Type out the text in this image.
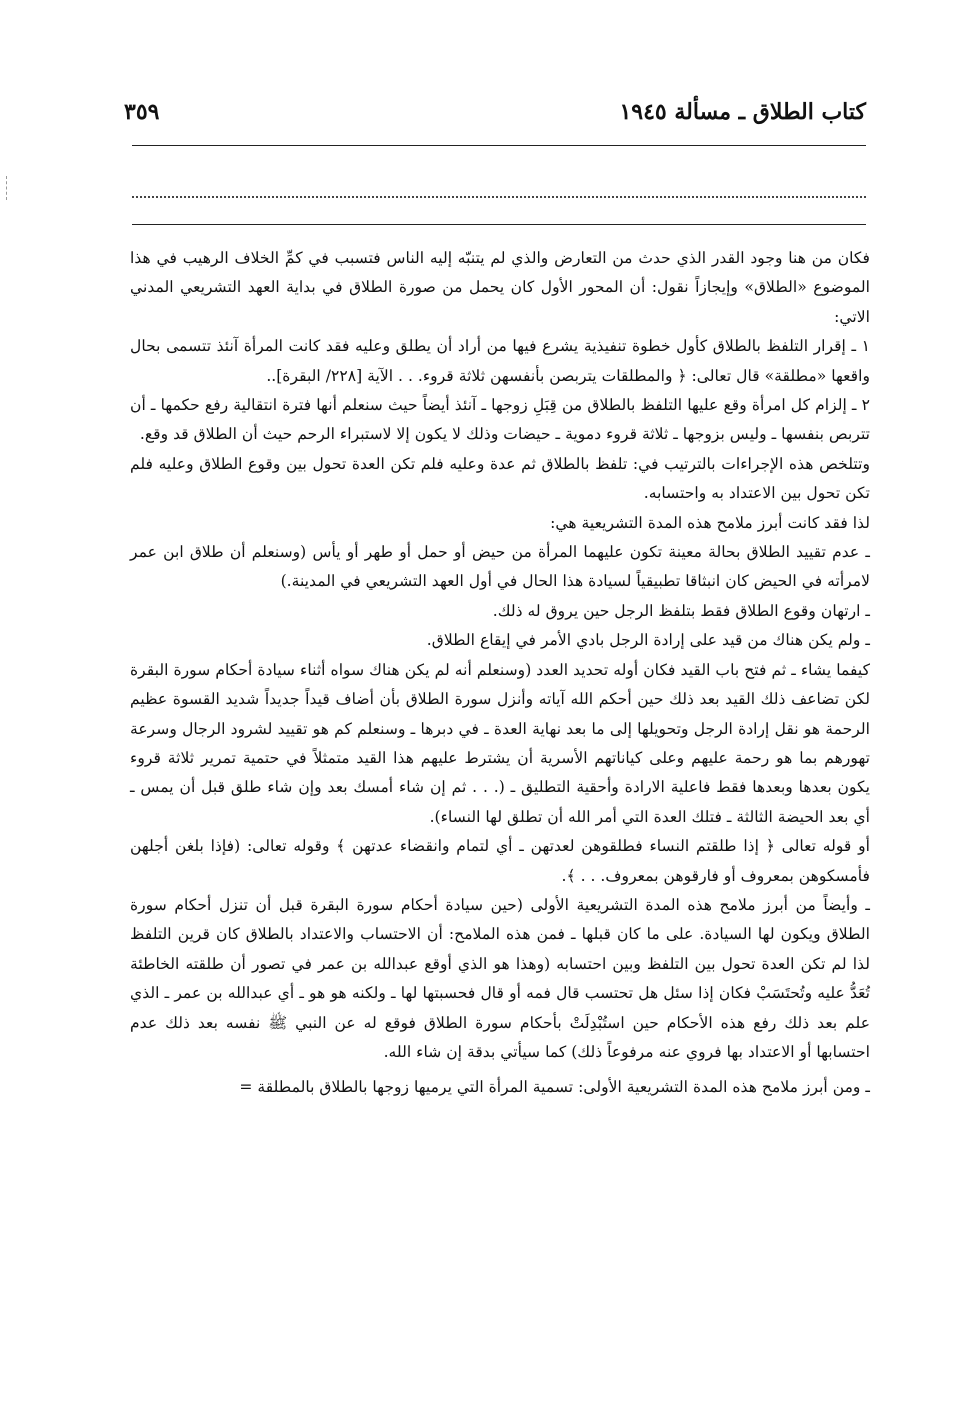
كتاب الطلاق ـ مسألة ١٩٤٥
٣٥٩

فكان من هنا وجود القدر الذي حدث من التعارض والذي لم يتنبّه إليه الناس فتسبب في كمِّ الخلاف الرهيب في هذا الموضوع «الطلاق» وإيجازاً نقول: أن المحور الأول كان يحمل من صورة الطلاق في بداية العهد التشريعي المدني الاتي:

١ ـ إقرار التلفظ بالطلاق كأول خطوة تنفيذية يشرع فيها من أراد أن يطلق وعليه فقد كانت المرأة آنئذ تتسمى بحال واقعها «مطلقة» قال تعالى: ﴿ والمطلقات يتربصن بأنفسهن ثلاثة قروء. . . الآية [٢٢٨/ البقرة]..

٢ ـ إلزام كل امرأة وقع عليها التلفظ بالطلاق من قِبَلِ زوجها ـ آنئذ أيضاً حيث سنعلم أنها فترة انتقالية رفع حكمها ـ أن تتربص بنفسها ـ وليس بزوجها ـ ثلاثة قروء دموية ـ حيضات وذلك لا يكون إلا لاستبراء الرحم حيث أن الطلاق قد وقع.

وتتلخص هذه الإجراءات بالترتيب في: تلفظ بالطلاق ثم عدة وعليه فلم تكن العدة تحول بين وقوع الطلاق وعليه فلم تكن تحول بين الاعتداد به واحتسابه.

لذا فقد كانت أبرز ملامح هذه المدة التشريعية هي:

ـ عدم تقييد الطلاق بحالة معينة تكون عليهما المرأة من حيض أو حمل أو طهر أو يأس (وسنعلم أن طلاق ابن عمر لامرأته في الحيض كان انبثاقا تطبيقياً لسيادة هذا الحال في أول العهد التشريعي في المدينة.)

ـ ارتهان وقوع الطلاق فقط بتلفظ الرجل حين يروق له ذلك.

ـ ولم يكن هناك من قيد على إرادة الرجل بادي الأمر في إيقاع الطلاق.

كيفما يشاء ـ ثم فتح باب القيد فكان أوله تحديد العدد (وسنعلم أنه لم يكن هناك سواه أثناء سيادة أحكام سورة البقرة لكن تضاعف ذلك القيد بعد ذلك حين أحكم الله آياته وأنزل سورة الطلاق بأن أضاف قيداً جديداً شديد القسوة عظيم الرحمة هو نقل إرادة الرجل وتحويلها إلى ما بعد نهاية العدة ـ في دبرها ـ وسنعلم كم هو تقييد لشرود الرجال وسرعة تهورهم بما هو رحمة عليهم وعلى كياناتهم الأسرية أن يشترط عليهم هذا القيد متمثلاً في حتمية تمرير ثلاثة قروء يكون بعدها وبعدها فقط فاعلية الارادة وأحقية التطليق ـ (. . . ثم إن شاء أمسك بعد وإن شاء طلق قبل أن يمس ـ أي بعد الحيضة الثالثة ـ فتلك العدة التي أمر الله أن تطلق لها النساء).

أو قوله تعالى ﴿ إذا طلقتم النساء فطلقوهن لعدتهن ـ أي لتمام وانقضاء عدتهن ﴾ وقوله تعالى: (فإذا بلغن أجلهن فأمسكوهن بمعروف أو فارقوهن بمعروف. . . ﴾.

ـ وأيضاً من أبرز ملامح هذه المدة التشريعية الأولى (حين سيادة أحكام سورة البقرة قبل أن تنزل أحكام سورة الطلاق ويكون لها السيادة. على ما كان قبلها ـ فمن هذه الملامح: أن الاحتساب والاعتداد بالطلاق كان قرين التلفظ لذا لم تكن العدة تحول بين التلفظ وبين احتسابه (وهذا هو الذي أوقع عبدالله بن عمر في تصور أن طلقته الخاطئة تُعَدُّ عليه وتُحتَسَبْ فكان إذا سئل هل تحتسب قال فمه أو قال فحسبتها لها ـ ولكنه هو هو ـ أي عبدالله بن عمر ـ الذي علم بعد ذلك رفع هذه الأحكام حين استُبْدِلَتْ بأحكام سورة الطلاق فوقع له عن النبي ﷺ نفسه بعد ذلك عدم احتسابها أو الاعتداد بها فروي عنه مرفوعاً ذلك) كما سيأتي بدقة إن شاء الله.

ـ ومن أبرز ملامح هذه المدة التشريعية الأولى: تسمية المرأة التي يرميها زوجها بالطلاق بالمطلقة =
